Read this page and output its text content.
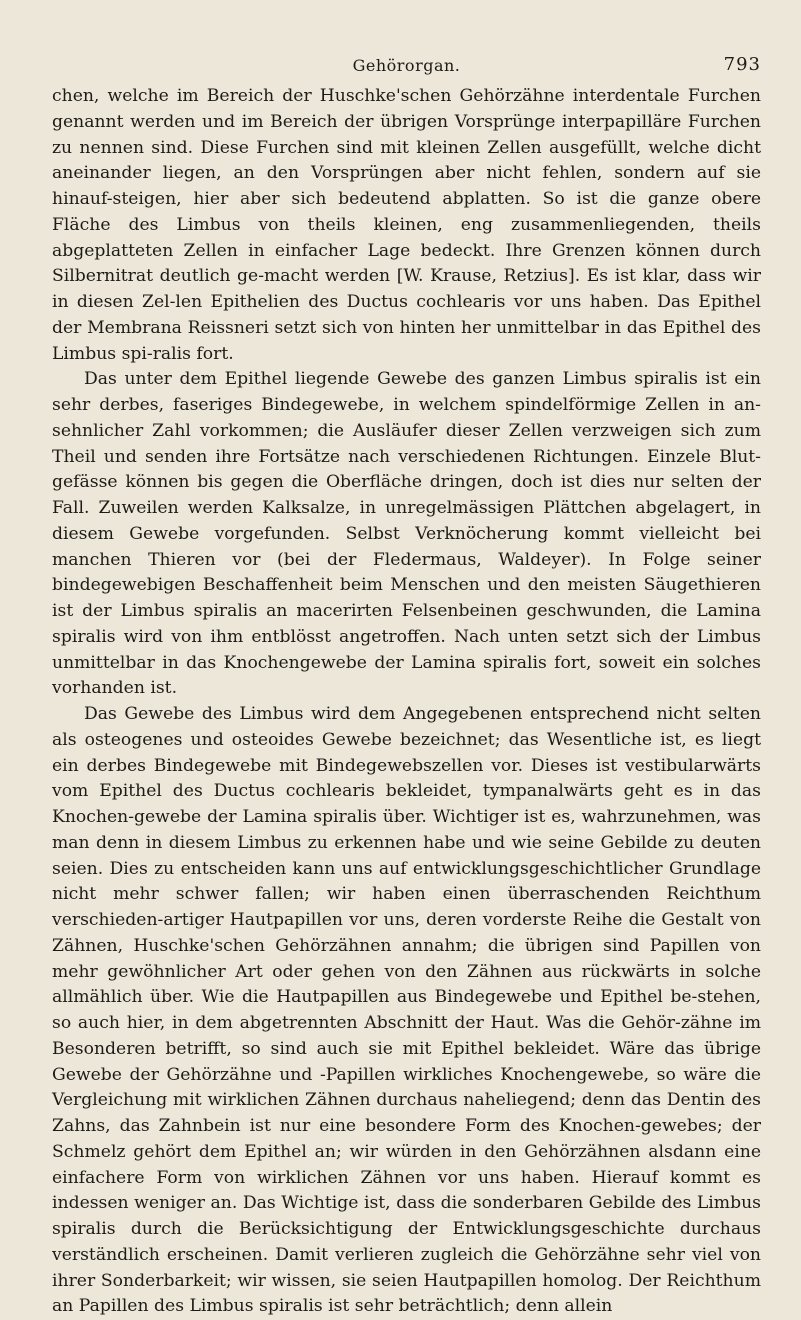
Gehörorgan.	793

chen, welche im Bereich der Huschke'schen Gehörzähne interdentale Furchen genannt werden und im Bereich der übrigen Vorsprünge interpapilläre Furchen zu nennen sind. Diese Furchen sind mit kleinen Zellen ausgefüllt, welche dicht aneinander liegen, an den Vorsprüngen aber nicht fehlen, sondern auf sie hinauf-steigen, hier aber sich bedeutend abplatten. So ist die ganze obere Fläche des Limbus von theils kleinen, eng zusammenliegenden, theils abgeplatteten Zellen in einfacher Lage bedeckt. Ihre Grenzen können durch Silbernitrat deutlich ge-macht werden [W. Krause, Retzius]. Es ist klar, dass wir in diesen Zel-len Epithelien des Ductus cochlearis vor uns haben. Das Epithel der Membrana Reissneri setzt sich von hinten her unmittelbar in das Epithel des Limbus spi-ralis fort.

Das unter dem Epithel liegende Gewebe des ganzen Limbus spiralis ist ein sehr derbes, faseriges Bindegewebe, in welchem spindelförmige Zellen in an-sehnlicher Zahl vorkommen; die Ausläufer dieser Zellen verzweigen sich zum Theil und senden ihre Fortsätze nach verschiedenen Richtungen. Einzele Blut-gefässe können bis gegen die Oberfläche dringen, doch ist dies nur selten der Fall. Zuweilen werden Kalksalze, in unregelmässigen Plättchen abgelagert, in diesem Gewebe vorgefunden. Selbst Verknöcherung kommt vielleicht bei manchen Thieren vor (bei der Fledermaus, Waldeyer). In Folge seiner bindegewebigen Beschaffenheit beim Menschen und den meisten Säugethieren ist der Limbus spiralis an macerirten Felsenbeinen geschwunden, die Lamina spiralis wird von ihm entblösst angetroffen. Nach unten setzt sich der Limbus unmittelbar in das Knochengewebe der Lamina spiralis fort, soweit ein solches vorhanden ist.

Das Gewebe des Limbus wird dem Angegebenen entsprechend nicht selten als osteogenes und osteoides Gewebe bezeichnet; das Wesentliche ist, es liegt ein derbes Bindegewebe mit Bindegewebszellen vor. Dieses ist vestibularwärts vom Epithel des Ductus cochlearis bekleidet, tympanalwärts geht es in das Knochen-gewebe der Lamina spiralis über. Wichtiger ist es, wahrzunehmen, was man denn in diesem Limbus zu erkennen habe und wie seine Gebilde zu deuten seien. Dies zu entscheiden kann uns auf entwicklungsgeschichtlicher Grundlage nicht mehr schwer fallen; wir haben einen überraschenden Reichthum verschieden-artiger Hautpapillen vor uns, deren vorderste Reihe die Gestalt von Zähnen, Huschke'schen Gehörzähnen annahm; die übrigen sind Papillen von mehr gewöhnlicher Art oder gehen von den Zähnen aus rückwärts in solche allmählich über. Wie die Hautpapillen aus Bindegewebe und Epithel be-stehen, so auch hier, in dem abgetrennten Abschnitt der Haut. Was die Gehör-zähne im Besonderen betrifft, so sind auch sie mit Epithel bekleidet. Wäre das übrige Gewebe der Gehörzähne und -Papillen wirkliches Knochengewebe, so wäre die Vergleichung mit wirklichen Zähnen durchaus naheliegend; denn das Dentin des Zahns, das Zahnbein ist nur eine besondere Form des Knochen-gewebes; der Schmelz gehört dem Epithel an; wir würden in den Gehörzähnen alsdann eine einfachere Form von wirklichen Zähnen vor uns haben. Hierauf kommt es indessen weniger an. Das Wichtige ist, dass die sonderbaren Gebilde des Limbus spiralis durch die Berücksichtigung der Entwicklungsgeschichte durchaus verständlich erscheinen. Damit verlieren zugleich die Gehörzähne sehr viel von ihrer Sonderbarkeit; wir wissen, sie seien Hautpapillen homolog. Der Reichthum an Papillen des Limbus spiralis ist sehr beträchtlich; denn allein
